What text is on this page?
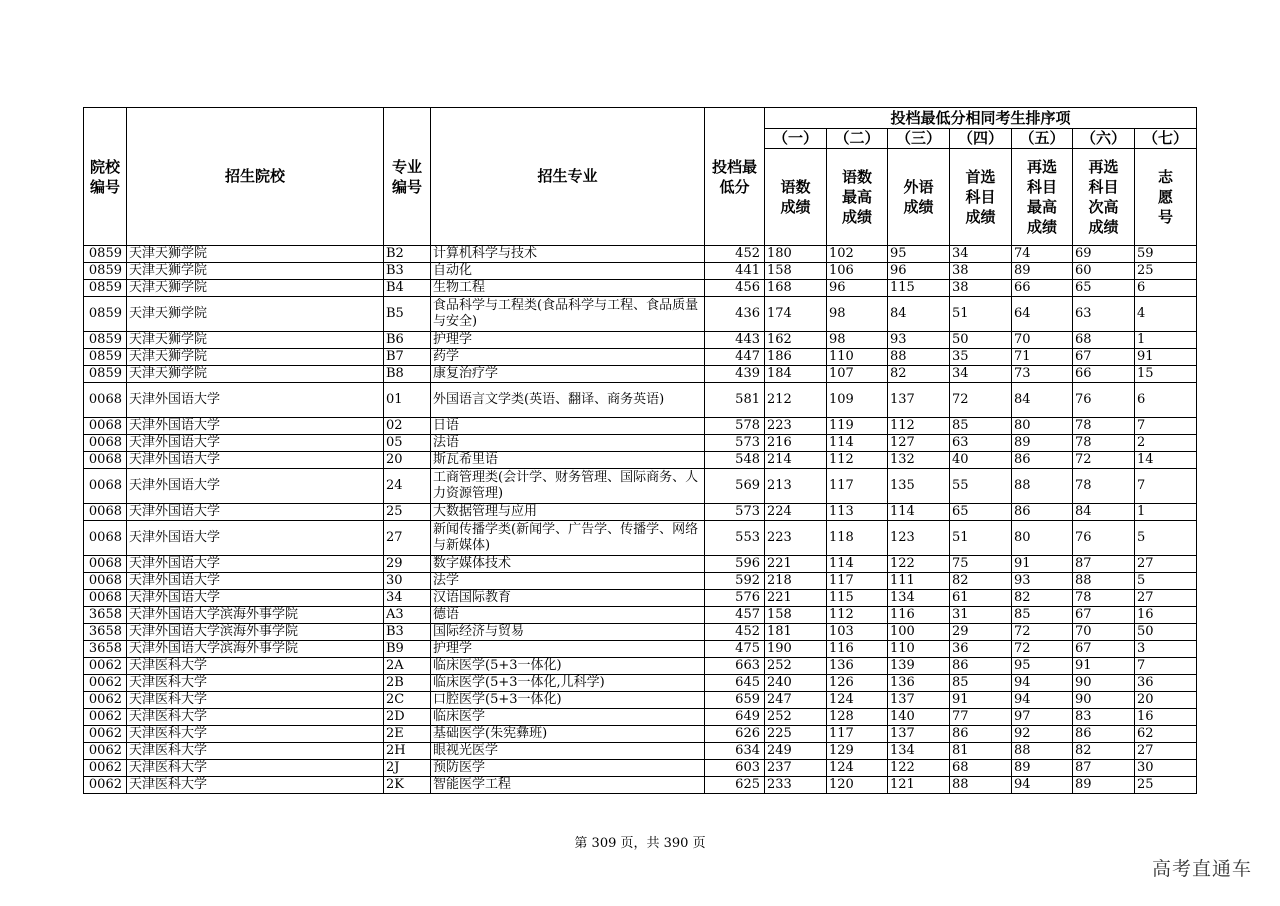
院校编号	招生院校	专业编号	招生专业	投档最低分	投档最低分相同考生排序项						
					（一）	（二）	（三）	（四）	（五）	（六）	（七）
					语数成绩	语数最高成绩	外语成绩	首选科目成绩	再选科目最高成绩	再选科目次高成绩	志愿号
0859	天津天狮学院	B2	计算机科学与技术	452	180	102	95	34	74	69	59
0859	天津天狮学院	B3	自动化	441	158	106	96	38	89	60	25
0859	天津天狮学院	B4	生物工程	456	168	96	115	38	66	65	6
0859	天津天狮学院	B5	食品科学与工程类(食品科学与工程、食品质量与安全)	436	174	98	84	51	64	63	4
0859	天津天狮学院	B6	护理学	443	162	98	93	50	70	68	1
0859	天津天狮学院	B7	药学	447	186	110	88	35	71	67	91
0859	天津天狮学院	B8	康复治疗学	439	184	107	82	34	73	66	15
0068	天津外国语大学	01	外国语言文学类(英语、翻译、商务英语)	581	212	109	137	72	84	76	6
0068	天津外国语大学	02	日语	578	223	119	112	85	80	78	7
0068	天津外国语大学	05	法语	573	216	114	127	63	89	78	2
0068	天津外国语大学	20	斯瓦希里语	548	214	112	132	40	86	72	14
0068	天津外国语大学	24	工商管理类(会计学、财务管理、国际商务、人力资源管理)	569	213	117	135	55	88	78	7
0068	天津外国语大学	25	大数据管理与应用	573	224	113	114	65	86	84	1
0068	天津外国语大学	27	新闻传播学类(新闻学、广告学、传播学、网络与新媒体)	553	223	118	123	51	80	76	5
0068	天津外国语大学	29	数字媒体技术	596	221	114	122	75	91	87	27
0068	天津外国语大学	30	法学	592	218	117	111	82	93	88	5
0068	天津外国语大学	34	汉语国际教育	576	221	115	134	61	82	78	27
3658	天津外国语大学滨海外事学院	A3	德语	457	158	112	116	31	85	67	16
3658	天津外国语大学滨海外事学院	B3	国际经济与贸易	452	181	103	100	29	72	70	50
3658	天津外国语大学滨海外事学院	B9	护理学	475	190	116	110	36	72	67	3
0062	天津医科大学	2A	临床医学(5+3一体化)	663	252	136	139	86	95	91	7
0062	天津医科大学	2B	临床医学(5+3一体化,儿科学)	645	240	126	136	85	94	90	36
0062	天津医科大学	2C	口腔医学(5+3一体化)	659	247	124	137	91	94	90	20
0062	天津医科大学	2D	临床医学	649	252	128	140	77	97	83	16
0062	天津医科大学	2E	基础医学(朱宪彝班)	626	225	117	137	86	92	86	62
0062	天津医科大学	2H	眼视光医学	634	249	129	134	81	88	82	27
0062	天津医科大学	2J	预防医学	603	237	124	122	68	89	87	30
0062	天津医科大学	2K	智能医学工程	625	233	120	121	88	94	89	25
第 309 页，共 390 页
高考直通车
